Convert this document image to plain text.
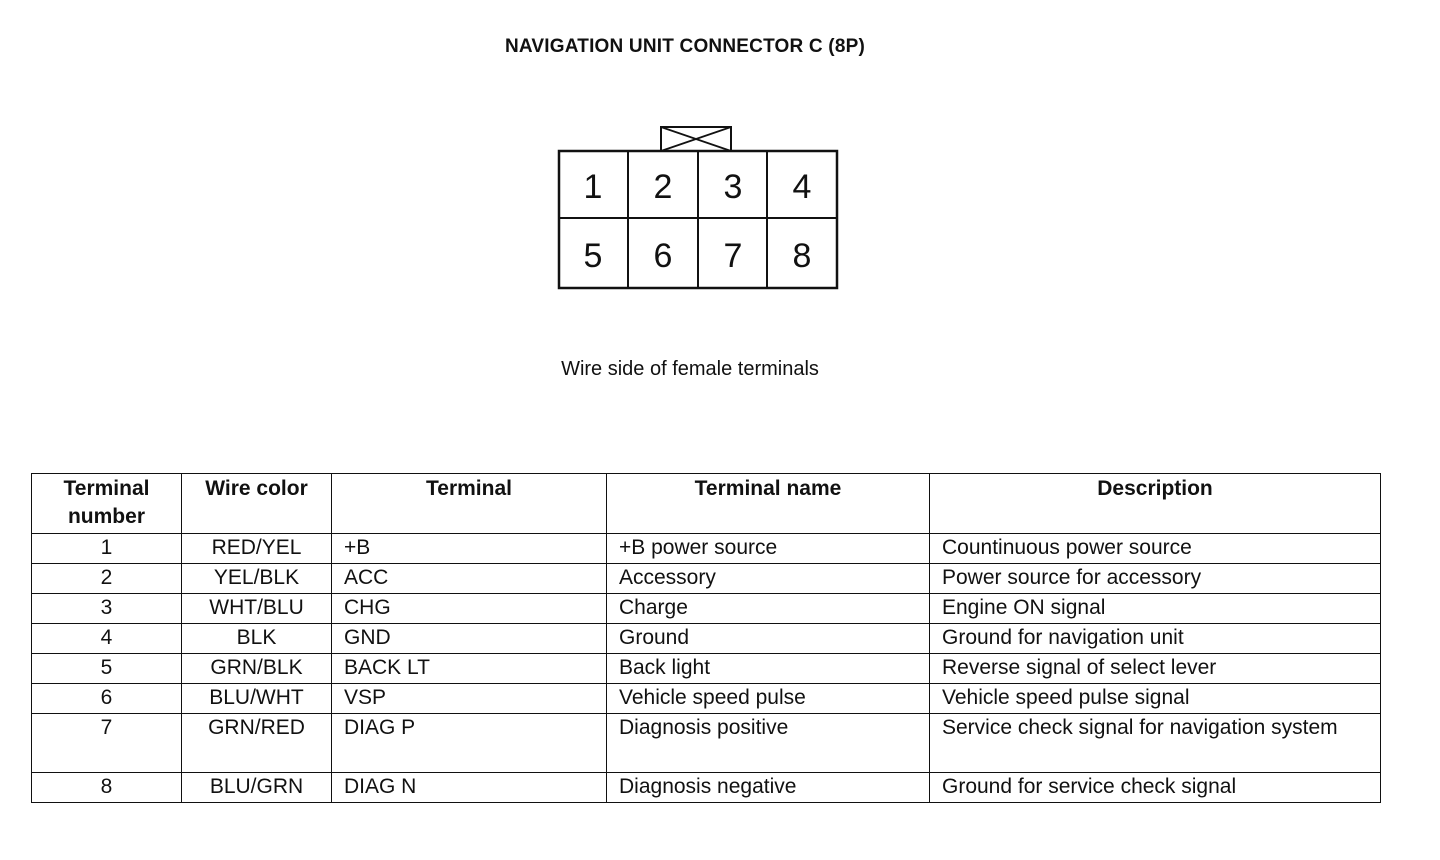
NAVIGATION UNIT CONNECTOR C (8P)
1 2 3 4
5 6 7 8
Wire side of female terminals
Terminal
number	Wire color	Terminal	Terminal name	Description
1	RED/YEL	+B	+B power source	Countinuous power source
2	YEL/BLK	ACC	Accessory	Power source for accessory
3	WHT/BLU	CHG	Charge	Engine ON signal
4	BLK	GND	Ground	Ground for navigation unit
5	GRN/BLK	BACK LT	Back light	Reverse signal of select lever
6	BLU/WHT	VSP	Vehicle speed pulse	Vehicle speed pulse signal
7	GRN/RED	DIAG P	Diagnosis positive	Service check signal for navigation system
8	BLU/GRN	DIAG N	Diagnosis negative	Ground for service check signal
